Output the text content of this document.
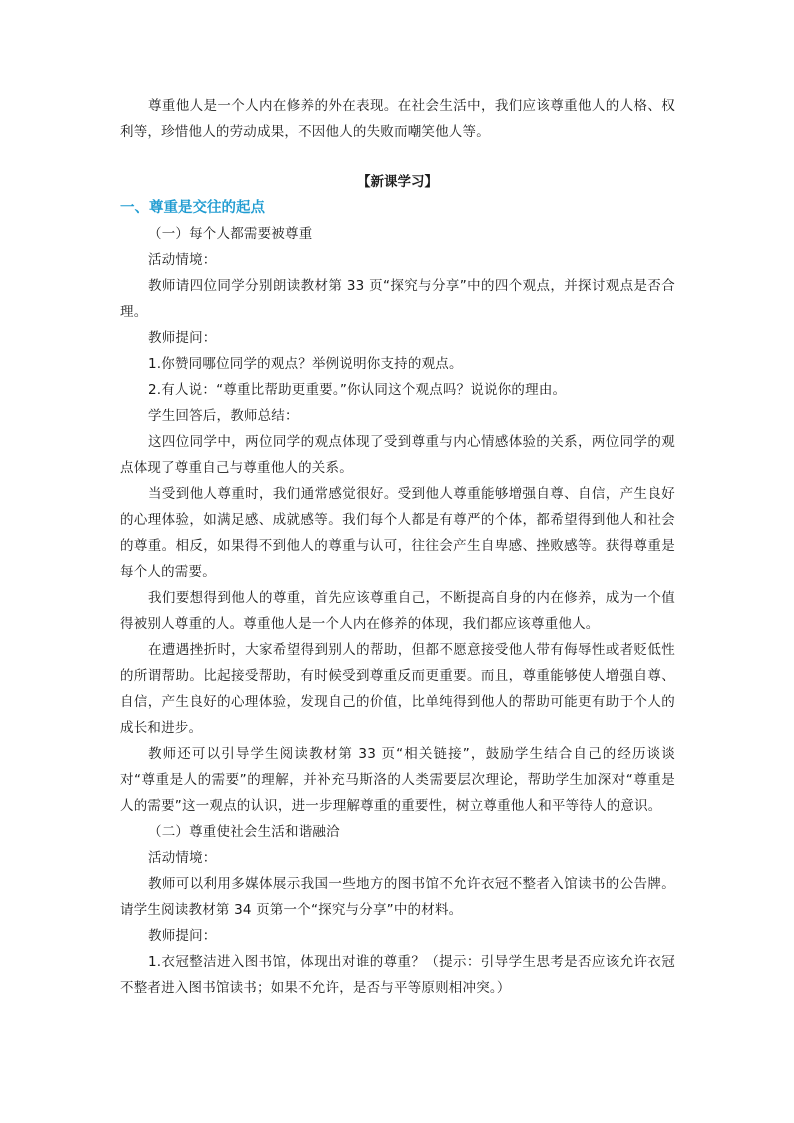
尊重他人是一个人内在修养的外在表现。在社会生活中，我们应该尊重他人的人格、权利等，珍惜他人的劳动成果，不因他人的失败而嘲笑他人等。

【新课学习】

一、尊重是交往的起点

（一）每个人都需要被尊重

活动情境：

教师请四位同学分别朗读教材第 33 页“探究与分享”中的四个观点，并探讨观点是否合理。

教师提问：

1.你赞同哪位同学的观点？举例说明你支持的观点。

2.有人说：“尊重比帮助更重要。”你认同这个观点吗？说说你的理由。

学生回答后，教师总结：

这四位同学中，两位同学的观点体现了受到尊重与内心情感体验的关系，两位同学的观点体现了尊重自己与尊重他人的关系。

当受到他人尊重时，我们通常感觉很好。受到他人尊重能够增强自尊、自信，产生良好的心理体验，如满足感、成就感等。我们每个人都是有尊严的个体，都希望得到他人和社会的尊重。相反，如果得不到他人的尊重与认可，往往会产生自卑感、挫败感等。获得尊重是每个人的需要。

我们要想得到他人的尊重，首先应该尊重自己，不断提高自身的内在修养，成为一个值得被别人尊重的人。尊重他人是一个人内在修养的体现，我们都应该尊重他人。

在遭遇挫折时，大家希望得到别人的帮助，但都不愿意接受他人带有侮辱性或者贬低性的所谓帮助。比起接受帮助，有时候受到尊重反而更重要。而且，尊重能够使人增强自尊、自信，产生良好的心理体验，发现自己的价值，比单纯得到他人的帮助可能更有助于个人的成长和进步。

教师还可以引导学生阅读教材第 33 页“相关链接”，鼓励学生结合自己的经历谈谈对“尊重是人的需要”的理解，并补充马斯洛的人类需要层次理论，帮助学生加深对“尊重是人的需要”这一观点的认识，进一步理解尊重的重要性，树立尊重他人和平等待人的意识。

（二）尊重使社会生活和谐融洽

活动情境：

教师可以利用多媒体展示我国一些地方的图书馆不允许衣冠不整者入馆读书的公告牌。请学生阅读教材第 34 页第一个“探究与分享”中的材料。

教师提问：

1.衣冠整洁进入图书馆，体现出对谁的尊重？（提示：引导学生思考是否应该允许衣冠不整者进入图书馆读书；如果不允许，是否与平等原则相冲突。）
